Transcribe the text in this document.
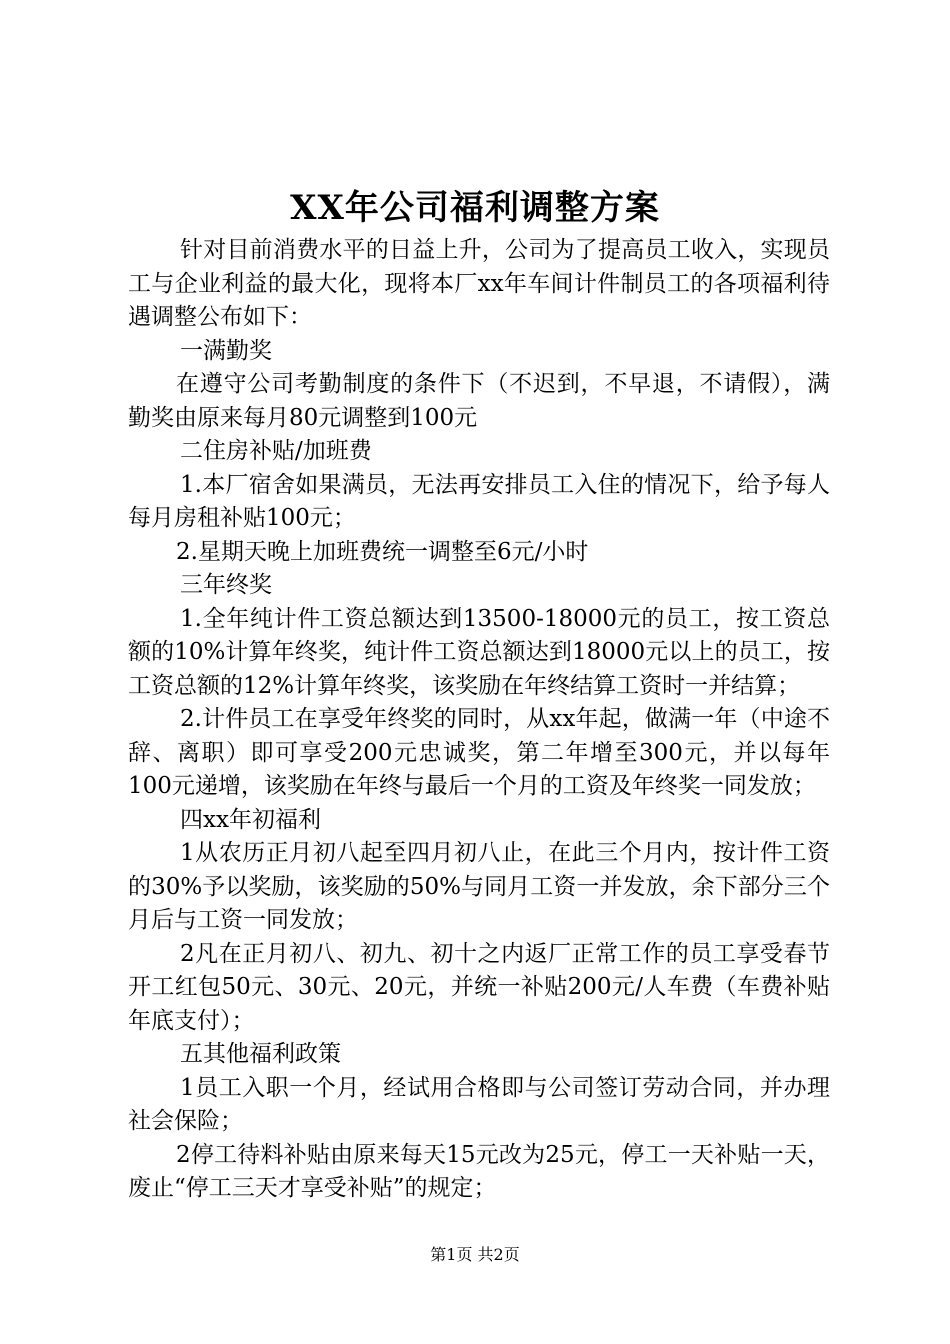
XX年公司福利调整方案

针对目前消费水平的日益上升，公司为了提高员工收入，实现员工与企业利益的最大化，现将本厂xx年车间计件制员工的各项福利待遇调整公布如下：

一满勤奖

在遵守公司考勤制度的条件下（不迟到，不早退，不请假），满勤奖由原来每月80元调整到100元

二住房补贴/加班费

1.本厂宿舍如果满员，无法再安排员工入住的情况下，给予每人每月房租补贴100元；

2.星期天晚上加班费统一调整至6元/小时

三年终奖

1.全年纯计件工资总额达到13500-18000元的员工，按工资总额的10%计算年终奖，纯计件工资总额达到18000元以上的员工，按工资总额的12%计算年终奖，该奖励在年终结算工资时一并结算；

2.计件员工在享受年终奖的同时，从xx年起，做满一年（中途不辞、离职）即可享受200元忠诚奖，第二年增至300元，并以每年100元递增，该奖励在年终与最后一个月的工资及年终奖一同发放；

四xx年初福利

1从农历正月初八起至四月初八止，在此三个月内，按计件工资的30%予以奖励，该奖励的50%与同月工资一并发放，余下部分三个月后与工资一同发放；

2凡在正月初八、初九、初十之内返厂正常工作的员工享受春节开工红包50元、30元、20元，并统一补贴200元/人车费（车费补贴年底支付）；

五其他福利政策

1员工入职一个月，经试用合格即与公司签订劳动合同，并办理社会保险；

2停工待料补贴由原来每天15元改为25元，停工一天补贴一天，废止“停工三天才享受补贴”的规定；

第1页 共2页
